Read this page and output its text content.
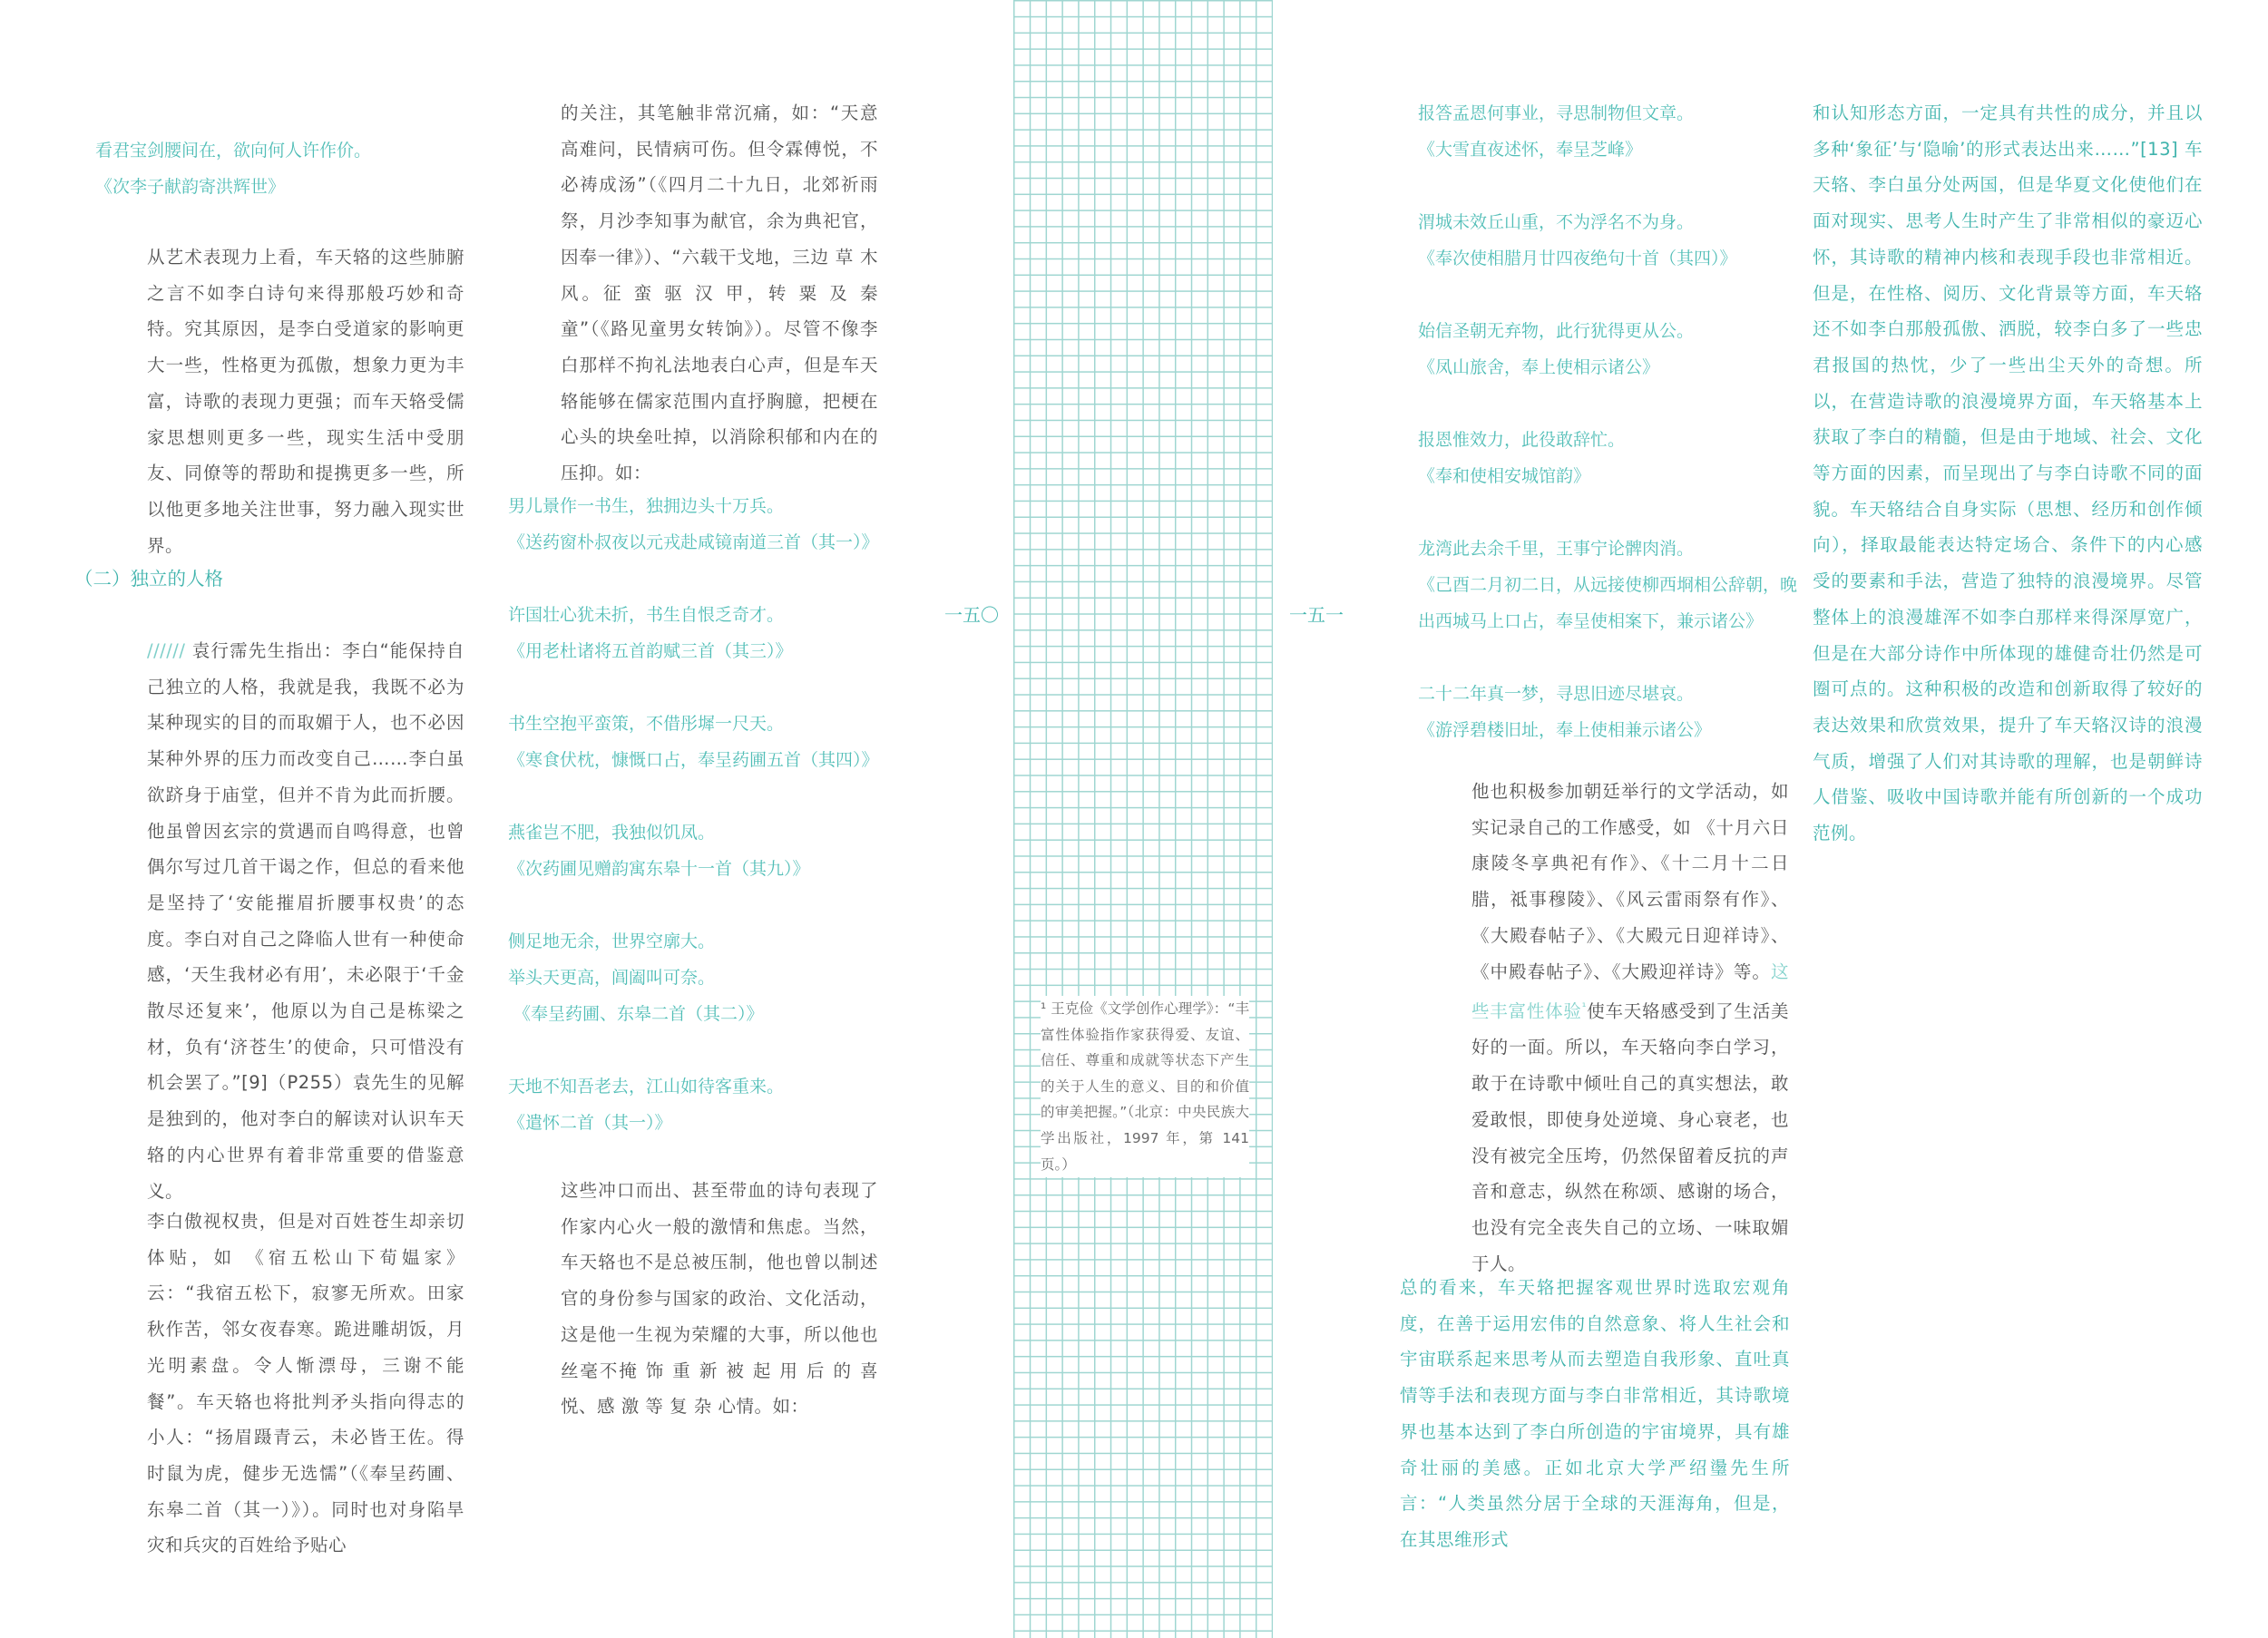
¹ 王克俭《文学创作心理学》：“丰富性体验指作家获得爱、友谊、信任、尊重和成就等状态下产生的关于人生的意义、目的和价值的审美把握。”（北京：中央民族大学出版社，1997 年，第 141 页。）
一五〇	一五一
看君宝剑腰间在，欲向何人许作价。
《次李子献韵寄洪辉世》
从艺术表现力上看，车天辂的这些肺腑之言不如李白诗句来得那般巧妙和奇特。究其原因，是李白受道家的影响更大一些，性格更为孤傲，想象力更为丰富，诗歌的表现力更强；而车天辂受儒家思想则更多一些，现实生活中受朋友、同僚等的帮助和提携更多一些，所以他更多地关注世事，努力融入现实世界。
（二）独立的人格
////// 袁行霈先生指出：李白“能保持自己独立的人格，我就是我，我既不必为某种现实的目的而取媚于人，也不必因某种外界的压力而改变自己……李白虽欲跻身于庙堂，但并不肯为此而折腰。他虽曾因玄宗的赏遇而自鸣得意，也曾偶尔写过几首干谒之作，但总的看来他是坚持了‘安能摧眉折腰事权贵’的态度。李白对自己之降临人世有一种使命感，‘天生我材必有用’，未必限于‘千金散尽还复来’，他原以为自己是栋梁之材，负有‘济苍生’的使命，只可惜没有机会罢了。”[9]（P255）袁先生的见解是独到的，他对李白的解读对认识车天辂的内心世界有着非常重要的借鉴意义。
李白傲视权贵，但是对百姓苍生却亲切体贴，如 《宿五松山下荀媪家》云：“我宿五松下，寂寥无所欢。田家秋作苦，邻女夜春寒。跪进雕胡饭，月光明素盘。令人惭漂母，三谢不能餐”。车天辂也将批判矛头指向得志的小人：“扬眉蹑青云，未必皆王佐。得时鼠为虎，健步无选懦”（《奉呈药圃、东皋二首（其一）》）。同时也对身陷旱灾和兵灾的百姓给予贴心
的关注，其笔触非常沉痛，如：“天意高难问，民情病可伤。但令霖傅悦，不必祷成汤”（《四月二十九日，北郊祈雨祭，月沙李知事为献官，余为典祀官，因奉一律》）、“六载干戈地，三边 草 木 风。征 蛮 驱 汉 甲，转 粟 及 秦 童”（《路见童男女转饷》）。尽管不像李白那样不拘礼法地表白心声，但是车天辂能够在儒家范围内直抒胸臆，把梗在心头的块垒吐掉，以消除积郁和内在的压抑。如：
男儿㬌作一书生，独拥边头十万兵。
《送药窗朴叔夜以元戎赴咸镜南道三首（其一）》
许国壮心犹未折，书生自恨乏奇才。
《用老杜诸将五首韵赋三首（其三）》
书生空抱平蛮策，不借彤墀一尺天。
《寒食伏枕，慷慨口占，奉呈药圃五首（其四）》
燕雀岂不肥，我独似饥凤。
《次药圃见赠韵寓东皋十一首（其九）》
侧足地无余，世界空廓大。
举头天更高，阊阖叫可奈。
《奉呈药圃、东皋二首（其二）》
天地不知吾老去，江山如待客重来。
《遣怀二首（其一）》
这些冲口而出、甚至带血的诗句表现了作家内心火一般的激情和焦虑。当然，车天辂也不是总被压制，他也曾以制述官的身份参与国家的政治、文化活动，这是他一生视为荣耀的大事，所以他也丝毫不掩 饰 重 新 被 起 用 后 的 喜 悦、感 激 等 复 杂 心情。如：
报答孟恩何事业，寻思制物但文章。
《大雪直夜述怀，奉呈芝峰》
渭城未效丘山重，不为浮名不为身。
《奉次使相腊月廿四夜绝句十首（其四）》
始信圣朝无弃物，此行犹得更从公。
《凤山旅舍，奉上使相示诸公》
报恩惟效力，此役敢辞忙。
《奉和使相安城馆韵》
龙湾此去余千里，王事宁论髀肉消。
《己酉二月初二日，从远接使柳西埛相公辞朝，晚出西城马上口占，奉呈使相案下，兼示诸公》
二十二年真一梦，寻思旧迹尽堪哀。
《游浮碧楼旧址，奉上使相兼示诸公》
他也积极参加朝廷举行的文学活动，如实记录自己的工作感受，如 《十月六日康陵冬享典祀有作》、《十二月十二日腊，祗事穆陵》、《风云雷雨祭有作》、《大殿春帖子》、《大殿元日迎祥诗》、《中殿春帖子》、《大殿迎祥诗》等。这些丰富性体验$^{^1}$使车天辂感受到了生活美好的一面。所以，车天辂向李白学习，敢于在诗歌中倾吐自己的真实想法，敢爱敢恨，即使身处逆境、身心衰老，也没有被完全压垮，仍然保留着反抗的声音和意志，纵然在称颂、感谢的场合，也没有完全丧失自己的立场、一味取媚于人。
总的看来，车天辂把握客观世界时选取宏观角度，在善于运用宏伟的自然意象、将人生社会和宇宙联系起来思考从而去塑造自我形象、直吐真情等手法和表现方面与李白非常相近，其诗歌境界也基本达到了李白所创造的宇宙境界，具有雄奇壮丽的美感。正如北京大学严绍璗先生所言：“人类虽然分居于全球的天涯海角，但是，在其思维形式
和认知形态方面，一定具有共性的成分，并且以多种‘象征’与‘隐喻’的形式表达出来……”[13] 车天辂、李白虽分处两国，但是华夏文化使他们在面对现实、思考人生时产生了非常相似的豪迈心怀，其诗歌的精神内核和表现手段也非常相近。但是，在性格、阅历、文化背景等方面，车天辂还不如李白那般孤傲、洒脱，较李白多了一些忠君报国的热忱，少了一些出尘天外的奇想。所以，在营造诗歌的浪漫境界方面，车天辂基本上获取了李白的精髓，但是由于地域、社会、文化等方面的因素，而呈现出了与李白诗歌不同的面貌。车天辂结合自身实际（思想、经历和创作倾向），择取最能表达特定场合、条件下的内心感受的要素和手法，营造了独特的浪漫境界。尽管整体上的浪漫雄浑不如李白那样来得深厚宽广，但是在大部分诗作中所体现的雄健奇壮仍然是可圈可点的。这种积极的改造和创新取得了较好的表达效果和欣赏效果，提升了车天辂汉诗的浪漫气质，增强了人们对其诗歌的理解，也是朝鲜诗人借鉴、吸收中国诗歌并能有所创新的一个成功范例。
